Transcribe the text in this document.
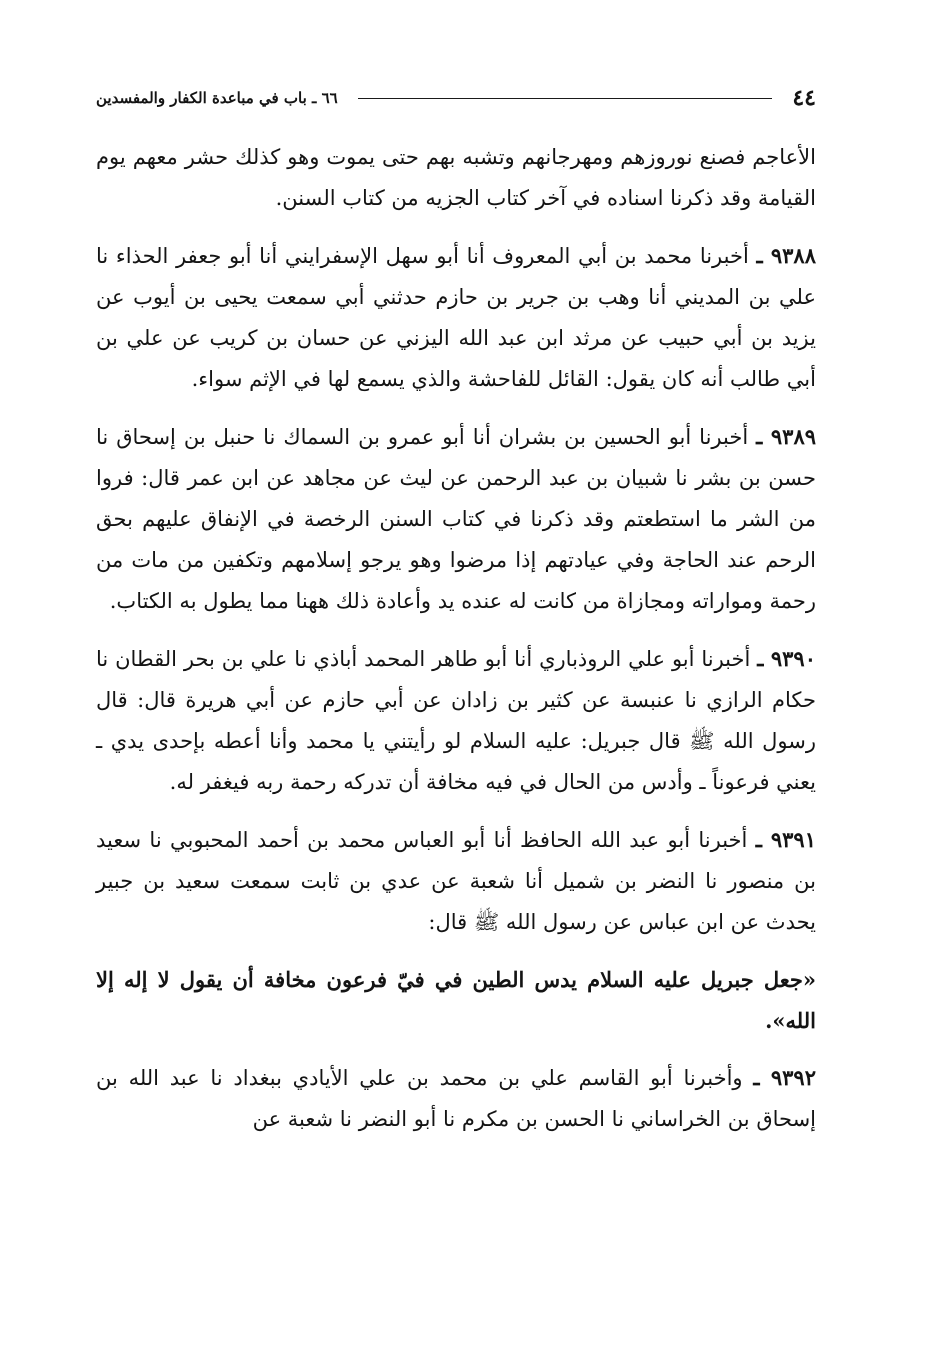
٤٤
٦٦ ـ باب في مباعدة الكفار والمفسدين

الأعاجم فصنع نوروزهم ومهرجانهم وتشبه بهم حتى يموت وهو كذلك حشر معهم يوم القيامة وقد ذكرنا اسناده في آخر كتاب الجزيه من كتاب السنن.

٩٣٨٨ ـ أخبرنا محمد بن أبي المعروف أنا أبو سهل الإسفرايني أنا أبو جعفر الحذاء نا علي بن المديني أنا وهب بن جرير بن حازم حدثني أبي سمعت يحيى بن أيوب عن يزيد بن أبي حبيب عن مرثد ابن عبد الله اليزني عن حسان بن كريب عن علي بن أبي طالب أنه كان يقول: القائل للفاحشة والذي يسمع لها في الإثم سواء.

٩٣٨٩ ـ أخبرنا أبو الحسين بن بشران أنا أبو عمرو بن السماك نا حنبل بن إسحاق نا حسن بن بشر نا شبيان بن عبد الرحمن عن ليث عن مجاهد عن ابن عمر قال: فروا من الشر ما استطعتم وقد ذكرنا في كتاب السنن الرخصة في الإنفاق عليهم بحق الرحم عند الحاجة وفي عيادتهم إذا مرضوا وهو يرجو إسلامهم وتكفين من مات من رحمة ومواراته ومجازاة من كانت له عنده يد وأعادة ذلك ههنا مما يطول به الكتاب.

٩٣٩٠ ـ أخبرنا أبو علي الروذباري أنا أبو طاهر المحمد أباذي نا علي بن بحر القطان نا حكام الرازي نا عنبسة عن كثير بن زادان عن أبي حازم عن أبي هريرة قال: قال رسول الله ﷺ قال جبريل: عليه السلام لو رأيتني يا محمد وأنا أعطه بإحدى يدي ـ يعني فرعوناً ـ وأدس من الحال في فيه مخافة أن تدركه رحمة ربه فيغفر له.

٩٣٩١ ـ أخبرنا أبو عبد الله الحافظ أنا أبو العباس محمد بن أحمد المحبوبي نا سعيد بن منصور نا النضر بن شميل أنا شعبة عن عدي بن ثابت سمعت سعيد بن جبير يحدث عن ابن عباس عن رسول الله ﷺ قال:

«جعل جبريل عليه السلام يدس الطين في فيّ فرعون مخافة أن يقول لا إله إلا الله».

٩٣٩٢ ـ وأخبرنا أبو القاسم علي بن محمد بن علي الأيادي ببغداد نا عبد الله بن إسحاق بن الخراساني نا الحسن بن مكرم نا أبو النضر نا شعبة عن
